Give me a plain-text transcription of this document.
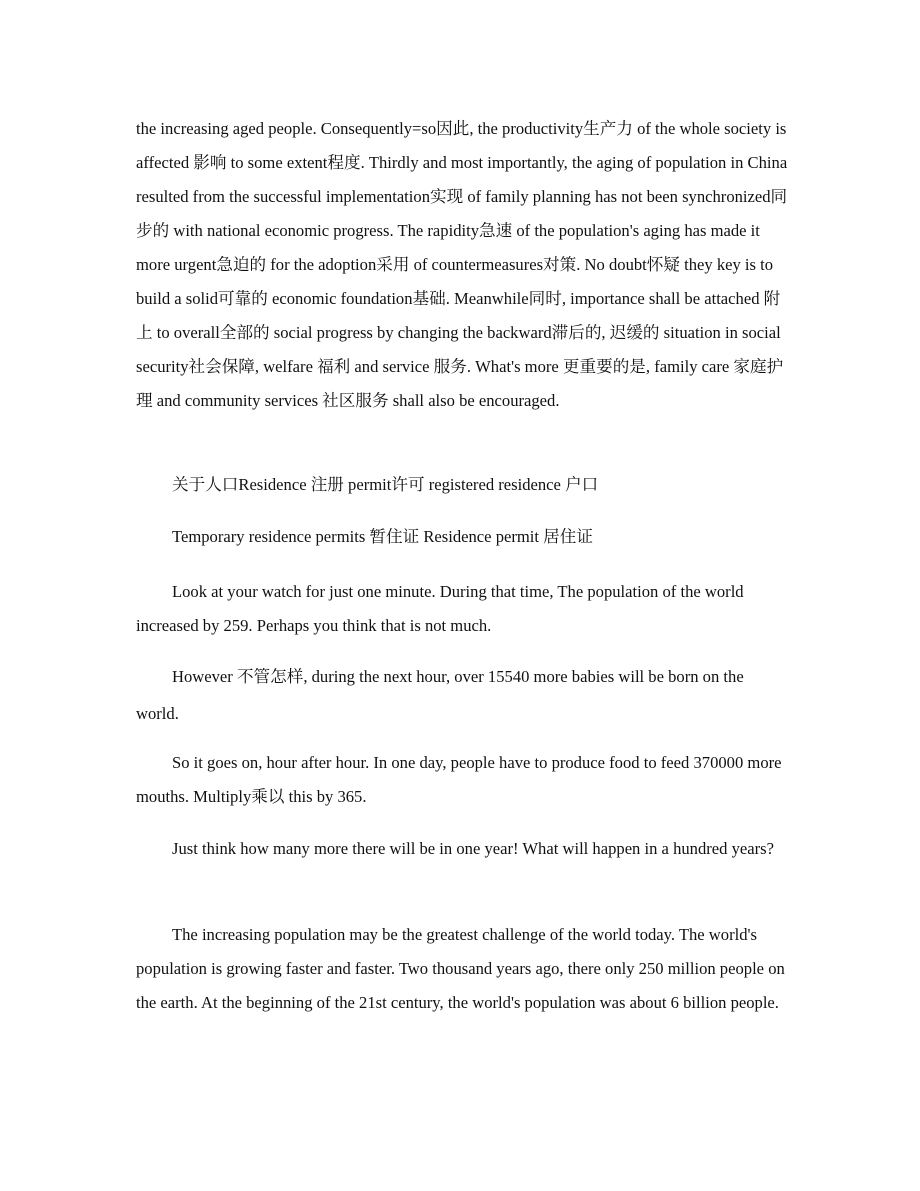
the increasing aged people. Consequently=so因此, the productivity生产力 of the whole society is affected 影响 to some extent程度. Thirdly and most importantly, the aging of population in China resulted from the successful implementation实现 of family planning has not been synchronized同步的 with national economic progress. The rapidity急速 of the population's aging has made it more urgent急迫的 for the adoption采用 of countermeasures对策. No doubt怀疑 they key is to build a solid可靠的 economic foundation基础. Meanwhile同时, importance shall be attached 附上 to overall全部的 social progress by changing the backward滞后的, 迟缓的 situation in social security社会保障, welfare 福利 and service 服务. What's more 更重要的是, family care 家庭护理 and community services 社区服务 shall also be encouraged.

关于人口Residence 注册 permit许可 registered residence 户口

Temporary residence permits 暂住证 Residence permit 居住证

Look at your watch for just one minute. During that time, The population of the world increased by 259. Perhaps you think that is not much.

However 不管怎样, during the next hour, over 15540 more babies will be born on the world.

So it goes on, hour after hour. In one day, people have to produce food to feed 370000 more mouths. Multiply乘以 this by 365.

Just think how many more there will be in one year! What will happen in a hundred years?

The increasing population may be the greatest challenge of the world today. The world's population is growing faster and faster. Two thousand years ago, there only 250 million people on the earth. At the beginning of the 21st century, the world's population was about 6 billion people.
